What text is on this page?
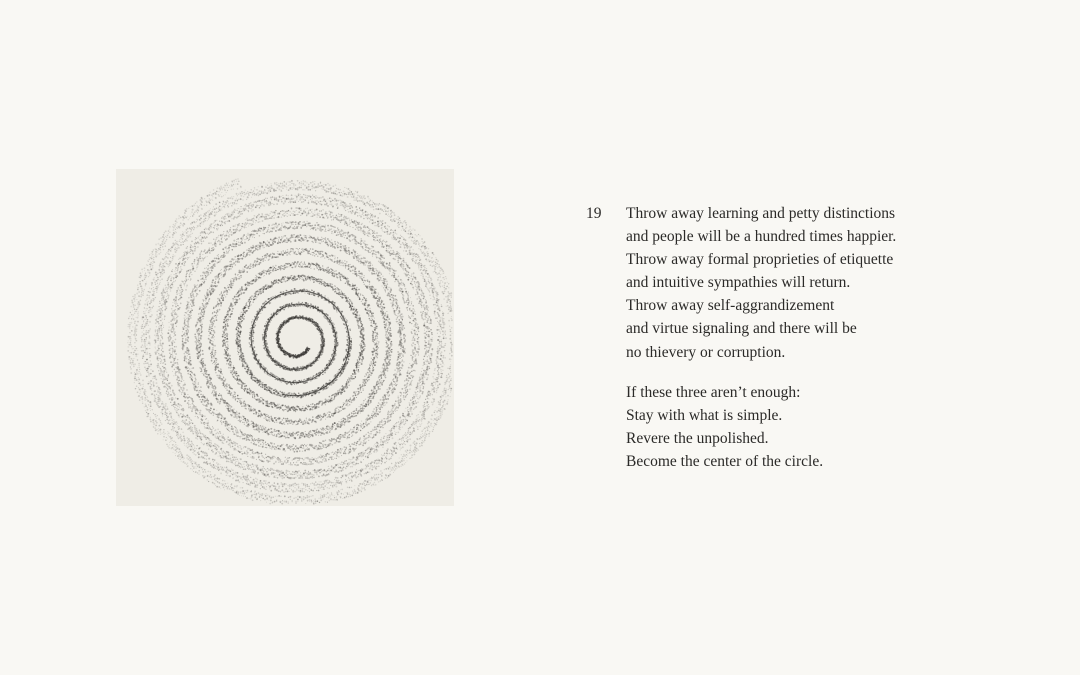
19 Throw away learning and petty distinctions
and people will be a hundred times happier.
Throw away formal proprieties of etiquette
and intuitive sympathies will return.
Throw away self-aggrandizement
and virtue signaling and there will be
no thievery or corruption.
If these three aren’t enough:
Stay with what is simple.
Revere the unpolished.
Become the center of the circle.
